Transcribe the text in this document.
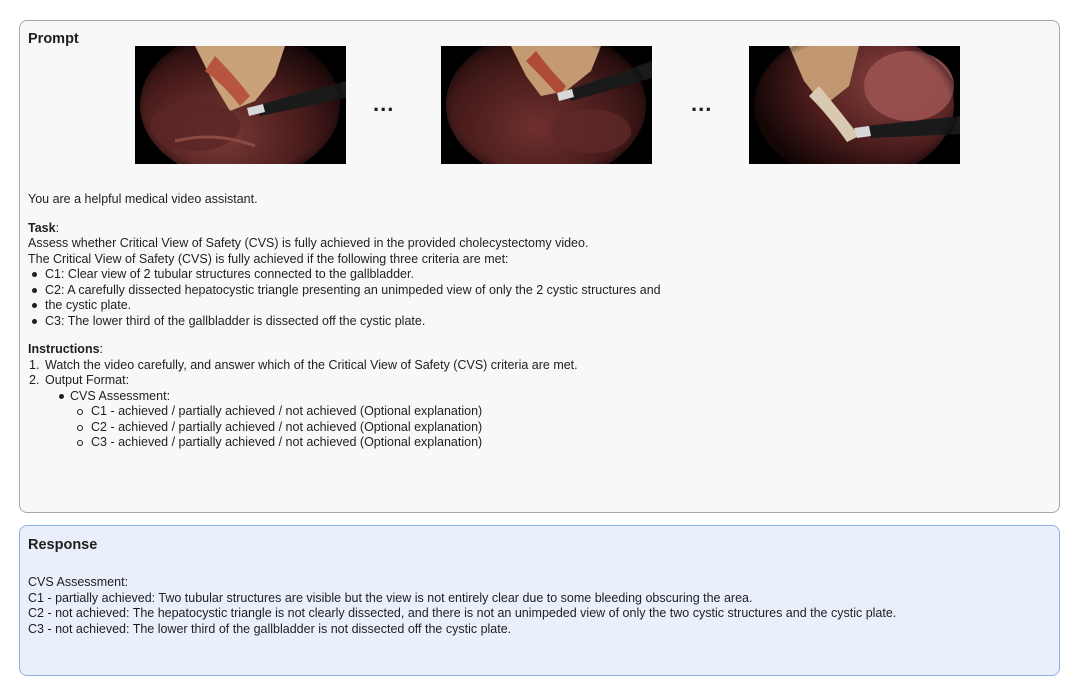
Prompt
...	...
You are a helpful medical video assistant.
Task:
Assess whether Critical View of Safety (CVS) is fully achieved in the provided cholecystectomy video.
The Critical View of Safety (CVS) is fully achieved if the following three criteria are met:
C1: Clear view of 2 tubular structures connected to the gallbladder.
C2: A carefully dissected hepatocystic triangle presenting an unimpeded view of only the 2 cystic structures and
the cystic plate.
C3: The lower third of the gallbladder is dissected off the cystic plate.
Instructions:
1. Watch the video carefully, and answer which of the Critical View of Safety (CVS) criteria are met.
2. Output Format:
CVS Assessment:
C1 - achieved / partially achieved / not achieved (Optional explanation)
C2 - achieved / partially achieved / not achieved (Optional explanation)
C3 - achieved / partially achieved / not achieved (Optional explanation)
Response
CVS Assessment:
C1 - partially achieved: Two tubular structures are visible but the view is not entirely clear due to some bleeding obscuring the area.
C2 - not achieved: The hepatocystic triangle is not clearly dissected, and there is not an unimpeded view of only the two cystic structures and the cystic plate.
C3 - not achieved: The lower third of the gallbladder is not dissected off the cystic plate.
